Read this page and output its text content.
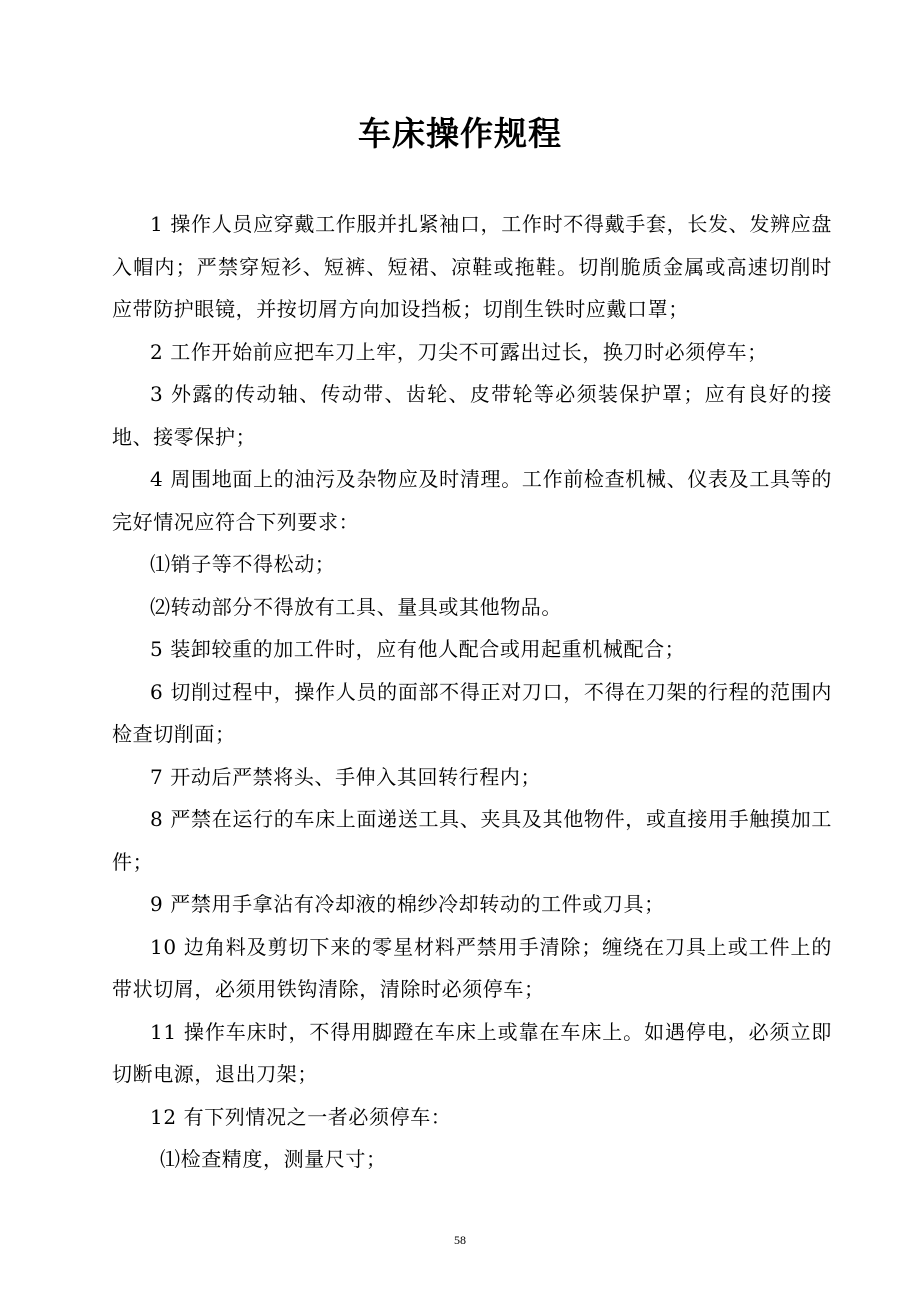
车床操作规程

1 操作人员应穿戴工作服并扎紧袖口，工作时不得戴手套，长发、发辨应盘入帽内；严禁穿短衫、短裤、短裙、凉鞋或拖鞋。切削脆质金属或高速切削时应带防护眼镜，并按切屑方向加设挡板；切削生铁时应戴口罩；

2 工作开始前应把车刀上牢，刀尖不可露出过长，换刀时必须停车；

3 外露的传动轴、传动带、齿轮、皮带轮等必须装保护罩；应有良好的接地、接零保护；

4 周围地面上的油污及杂物应及时清理。工作前检查机械、仪表及工具等的完好情况应符合下列要求：

⑴销子等不得松动；

⑵转动部分不得放有工具、量具或其他物品。

5 装卸较重的加工件时，应有他人配合或用起重机械配合；

6 切削过程中，操作人员的面部不得正对刀口，不得在刀架的行程的范围内检查切削面；

7 开动后严禁将头、手伸入其回转行程内；

8 严禁在运行的车床上面递送工具、夹具及其他物件，或直接用手触摸加工件；

9 严禁用手拿沾有冷却液的棉纱冷却转动的工件或刀具；

10 边角料及剪切下来的零星材料严禁用手清除；缠绕在刀具上或工件上的带状切屑，必须用铁钩清除，清除时必须停车；

11 操作车床时，不得用脚蹬在车床上或靠在车床上。如遇停电，必须立即切断电源，退出刀架；

12 有下列情况之一者必须停车：

⑴检查精度，测量尺寸；

58
